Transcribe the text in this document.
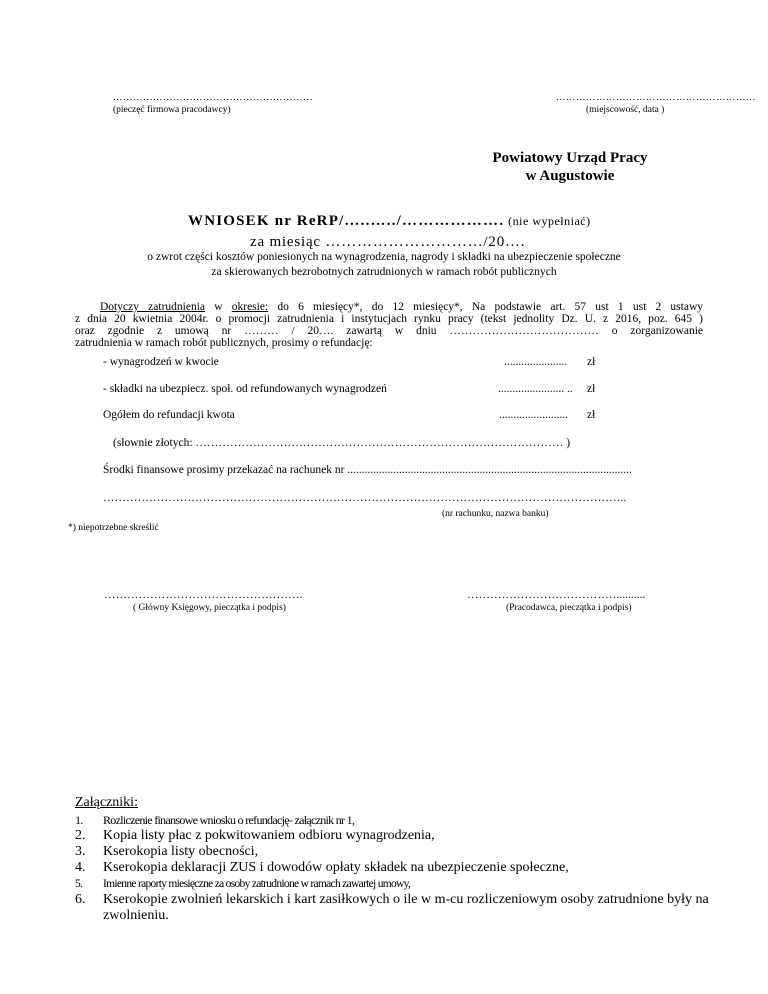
……………………………………………………
(pieczęć firmowa pracodawcy)
……………………………………………………
(miejscowość, data )
Powiatowy Urząd Pracy
w Augustowie
WNIOSEK nr ReRP/…..…../………………. (nie wypełniać)
za miesiąc …………………………/20….
o zwrot części kosztów poniesionych na wynagrodzenia, nagrody i składki na ubezpieczenie społeczne
za skierowanych bezrobotnych zatrudnionych w ramach robót publicznych
Dotyczy zatrudnienia w okresie: do 6 miesięcy*, do 12 miesięcy*, Na podstawie art. 57 ust 1 ust 2 ustawy
z dnia 20 kwietnia 2004r. o promocji zatrudnienia i instytucjach rynku pracy (tekst jednolity Dz. U. z 2016, poz. 645 )
oraz zgodnie z umową nr ……… / 20…. zawartą w dniu ………………………………… o zorganizowanie
zatrudnienia w ramach robót publicznych, prosimy o refundację:
- wynagrodzeń w kwocie	...................... zł
- składki na ubezpiecz. społ. od refundowanych wynagrodzeń	....................... .. zł
Ogółem do refundacji kwota	........................ zł
(słownie złotych: …………………………………………………………………………………… )
Środki finansowe prosimy przekazać na rachunek nr ...................................................................................................
………………………………………………………………………………………………………………………..
(nr rachunku, nazwa banku)
*) niepotrzebne skreślić
…………………………………………….
( Główny Księgowy, pieczątka i podpis)
…………………………………..........
(Pracodawca, pieczątka i podpis)
Załączniki:
1. Rozliczenie finansowe wniosku o refundację- załącznik nr 1,
2. Kopia listy płac z pokwitowaniem odbioru wynagrodzenia,
3. Kserokopia listy obecności,
4. Kserokopia deklaracji ZUS i dowodów opłaty składek na ubezpieczenie społeczne,
5. Imienne raporty miesięczne za osoby zatrudnione w ramach zawartej umowy,
6. Kserokopie zwolnień lekarskich i kart zasiłkowych o ile w m-cu rozliczeniowym osoby zatrudnione były na zwolnieniu.
